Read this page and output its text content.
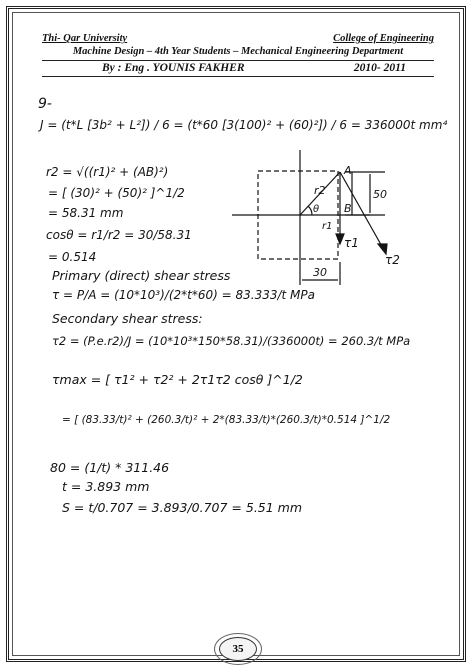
Thi- Qar University	College of Engineering
Machine Design – 4th Year Students – Mechanical Engineering Department
By : Eng . YOUNIS FAKHER	2010- 2011
9-
J = (t*L [3b² + L²]) / 6 = (t*60 [3(100)² + (60)²]) / 6 = 336000t mm⁴
r2 = √((r1)² + (AB)²)
= [ (30)² + (50)² ]^1/2
= 58.31 mm
cosθ = r1/r2 = 30/58.31
= 0.514
Primary (direct) shear stress
τ = P/A = (10*10³)/(2*t*60) = 83.333/t MPa
Secondary shear stress:
τ2 = (P.e.r2)/J = (10*10³*150*58.31)/(336000t) = 260.3/t MPa
τmax = [ τ1² + τ2² + 2τ1τ2 cosθ ]^1/2
= [ (83.33/t)² + (260.3/t)² + 2*(83.33/t)*(260.3/t)*0.514 ]^1/2
80 = (1/t) * 311.46
t = 3.893 mm
S = t/0.707 = 3.893/0.707 = 5.51 mm
A
B
r2
r1
θ
τ1
τ2
50
30
35
